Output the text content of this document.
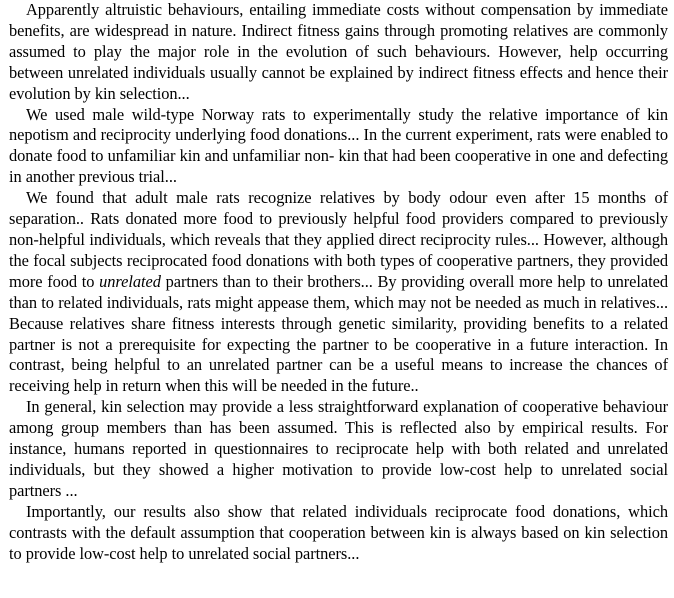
Apparently altruistic behaviours, entailing immediate costs without compensation by immediate benefits, are widespread in nature. Indirect fitness gains through promoting relatives are commonly assumed to play the major role in the evolution of such behaviours. However, help occurring between unrelated individuals usually cannot be explained by indirect fitness effects and hence their evolution by kin selection...

We used male wild-type Norway rats to experimentally study the relative importance of kin nepotism and reciprocity underlying food donations... In the current experiment, rats were enabled to donate food to unfamiliar kin and unfamiliar non- kin that had been cooperative in one and defecting in another previous trial...

We found that adult male rats recognize relatives by body odour even after 15 months of separation.. Rats donated more food to previously helpful food providers compared to previously non-helpful individuals, which reveals that they applied direct reciprocity rules... However, although the focal subjects reciprocated food donations with both types of cooperative partners, they provided more food to unrelated partners than to their brothers... By providing overall more help to unrelated than to related individuals, rats might appease them, which may not be needed as much in relatives... Because relatives share fitness interests through genetic similarity, providing benefits to a related partner is not a prerequisite for expecting the partner to be cooperative in a future interaction. In contrast, being helpful to an unrelated partner can be a useful means to increase the chances of receiving help in return when this will be needed in the future..

In general, kin selection may provide a less straightforward explanation of cooperative behaviour among group members than has been assumed. This is reflected also by empirical results. For instance, humans reported in questionnaires to reciprocate help with both related and unrelated individuals, but they showed a higher motivation to provide low-cost help to unrelated social partners ...

Importantly, our results also show that related individuals reciprocate food donations, which contrasts with the default assumption that cooperation between kin is always based on kin selection to provide low-cost help to unrelated social partners...
